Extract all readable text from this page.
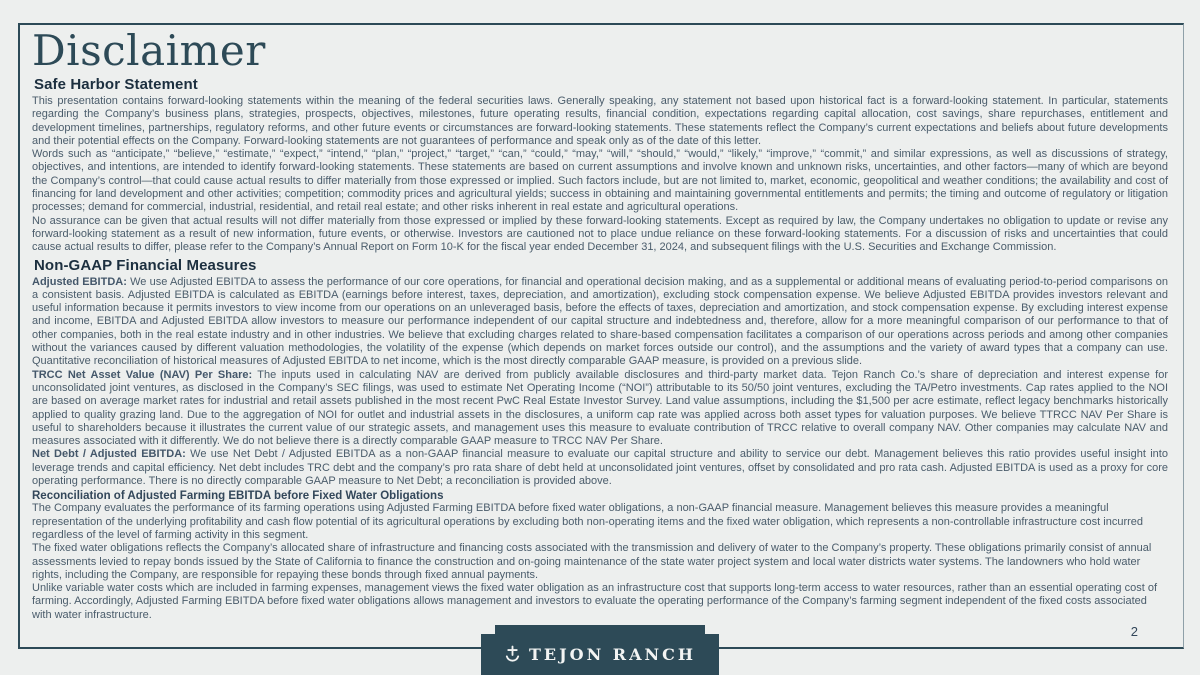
Disclaimer
Safe Harbor Statement

This presentation contains forward-looking statements within the meaning of the federal securities laws. Generally speaking, any statement not based upon historical fact is a forward-looking statement. In particular, statements regarding the Company’s business plans, strategies, prospects, objectives, milestones, future operating results, financial condition, expectations regarding capital allocation, cost savings, share repurchases, entitlement and development timelines, partnerships, regulatory reforms, and other future events or circumstances are forward-looking statements. These statements reflect the Company’s current expectations and beliefs about future developments and their potential effects on the Company. Forward-looking statements are not guarantees of performance and speak only as of the date of this letter.

Words such as “anticipate,” “believe,” “estimate,” “expect,” “intend,” “plan,” “project,” “target,” “can,” “could,” “may,” “will,” “should,” “would,” “likely,” “improve,” “commit,” and similar expressions, as well as discussions of strategy, objectives, and intentions, are intended to identify forward-looking statements. These statements are based on current assumptions and involve known and unknown risks, uncertainties, and other factors—many of which are beyond the Company’s control—that could cause actual results to differ materially from those expressed or implied. Such factors include, but are not limited to, market, economic, geopolitical and weather conditions; the availability and cost of financing for land development and other activities; competition; commodity prices and agricultural yields; success in obtaining and maintaining governmental entitlements and permits; the timing and outcome of regulatory or litigation processes; demand for commercial, industrial, residential, and retail real estate; and other risks inherent in real estate and agricultural operations.

No assurance can be given that actual results will not differ materially from those expressed or implied by these forward-looking statements. Except as required by law, the Company undertakes no obligation to update or revise any forward-looking statement as a result of new information, future events, or otherwise. Investors are cautioned not to place undue reliance on these forward-looking statements. For a discussion of risks and uncertainties that could cause actual results to differ, please refer to the Company’s Annual Report on Form 10-K for the fiscal year ended December 31, 2024, and subsequent filings with the U.S. Securities and Exchange Commission.

Non-GAAP Financial Measures

Adjusted EBITDA: We use Adjusted EBITDA to assess the performance of our core operations, for financial and operational decision making, and as a supplemental or additional means of evaluating period-to-period comparisons on a consistent basis. Adjusted EBITDA is calculated as EBITDA (earnings before interest, taxes, depreciation, and amortization), excluding stock compensation expense. We believe Adjusted EBITDA provides investors relevant and useful information because it permits investors to view income from our operations on an unleveraged basis, before the effects of taxes, depreciation and amortization, and stock compensation expense. By excluding interest expense and income, EBITDA and Adjusted EBITDA allow investors to measure our performance independent of our capital structure and indebtedness and, therefore, allow for a more meaningful comparison of our performance to that of other companies, both in the real estate industry and in other industries. We believe that excluding charges related to share-based compensation facilitates a comparison of our operations across periods and among other companies without the variances caused by different valuation methodologies, the volatility of the expense (which depends on market forces outside our control), and the assumptions and the variety of award types that a company can use. Quantitative reconciliation of historical measures of Adjusted EBITDA to net income, which is the most directly comparable GAAP measure, is provided on a previous slide.

TRCC Net Asset Value (NAV) Per Share: The inputs used in calculating NAV are derived from publicly available disclosures and third-party market data. Tejon Ranch Co.’s share of depreciation and interest expense for unconsolidated joint ventures, as disclosed in the Company’s SEC filings, was used to estimate Net Operating Income (“NOI”) attributable to its 50/50 joint ventures, excluding the TA/Petro investments. Cap rates applied to the NOI are based on average market rates for industrial and retail assets published in the most recent PwC Real Estate Investor Survey. Land value assumptions, including the $1,500 per acre estimate, reflect legacy benchmarks historically applied to quality grazing land. Due to the aggregation of NOI for outlet and industrial assets in the disclosures, a uniform cap rate was applied across both asset types for valuation purposes. We believe TTRCC NAV Per Share is useful to shareholders because it illustrates the current value of our strategic assets, and management uses this measure to evaluate contribution of TRCC relative to overall company NAV. Other companies may calculate NAV and measures associated with it differently. We do not believe there is a directly comparable GAAP measure to TRCC NAV Per Share.

Net Debt / Adjusted EBITDA: We use Net Debt / Adjusted EBITDA as a non-GAAP financial measure to evaluate our capital structure and ability to service our debt. Management believes this ratio provides useful insight into leverage trends and capital efficiency. Net debt includes TRC debt and the company’s pro rata share of debt held at unconsolidated joint ventures, offset by consolidated and pro rata cash. Adjusted EBITDA is used as a proxy for core operating performance. There is no directly comparable GAAP measure to Net Debt; a reconciliation is provided above.

Reconciliation of Adjusted Farming EBITDA before Fixed Water Obligations

The Company evaluates the performance of its farming operations using Adjusted Farming EBITDA before fixed water obligations, a non-GAAP financial measure. Management believes this measure provides a meaningful representation of the underlying profitability and cash flow potential of its agricultural operations by excluding both non-operating items and the fixed water obligation, which represents a non-controllable infrastructure cost incurred regardless of the level of farming activity in this segment.

The fixed water obligations reflects the Company’s allocated share of infrastructure and financing costs associated with the transmission and delivery of water to the Company’s property. These obligations primarily consist of annual assessments levied to repay bonds issued by the State of California to finance the construction and on-going maintenance of the state water project system and local water districts water systems. The landowners who hold water rights, including the Company, are responsible for repaying these bonds through fixed annual payments.

Unlike variable water costs which are included in farming expenses, management views the fixed water obligation as an infrastructure cost that supports long-term access to water resources, rather than an essential operating cost of farming. Accordingly, Adjusted Farming EBITDA before fixed water obligations allows management and investors to evaluate the operating performance of the Company’s farming segment independent of the fixed costs associated with water infrastructure.

2
TEJON RANCH
